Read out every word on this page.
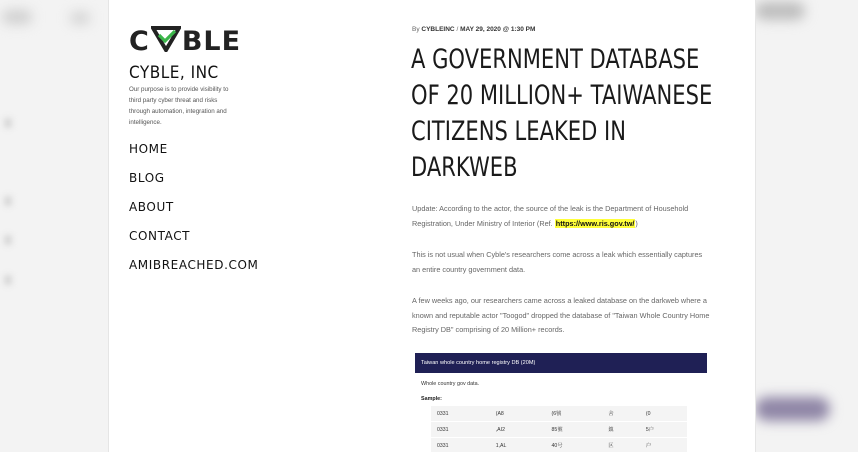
C BLE
CYBLE, INC
Our purpose is to provide visibility to third party cyber threat and risks through automation, integration and intelligence.
HOME
BLOG
ABOUT
CONTACT
AMIBREACHED.COM
By CYBLEINC / MAY 29, 2020 @ 1:30 PM
A GOVERNMENT DATABASE OF 20 MILLION+ TAIWANESE CITIZENS LEAKED IN DARKWEB

Update: According to the actor, the source of the leak is the Department of Household Registration, Under Ministry of Interior (Ref. https://www.ris.gov.tw/)

This is not usual when Cyble's researchers come across a leak which essentially captures an entire country government data.

A few weeks ago, our researchers came across a leaked database on the darkweb where a known and reputable actor "Toogod" dropped the database of "Taiwan Whole Country Home Registry DB" comprising of 20 Million+ records.

Taiwan whole country home registry DB (20M)
Whole country gov data.
Sample:
0331	(A8	(6號	舍	(0
0331	,AI2	85號	鎮	5户
0331	1,AL	40号	区	户
